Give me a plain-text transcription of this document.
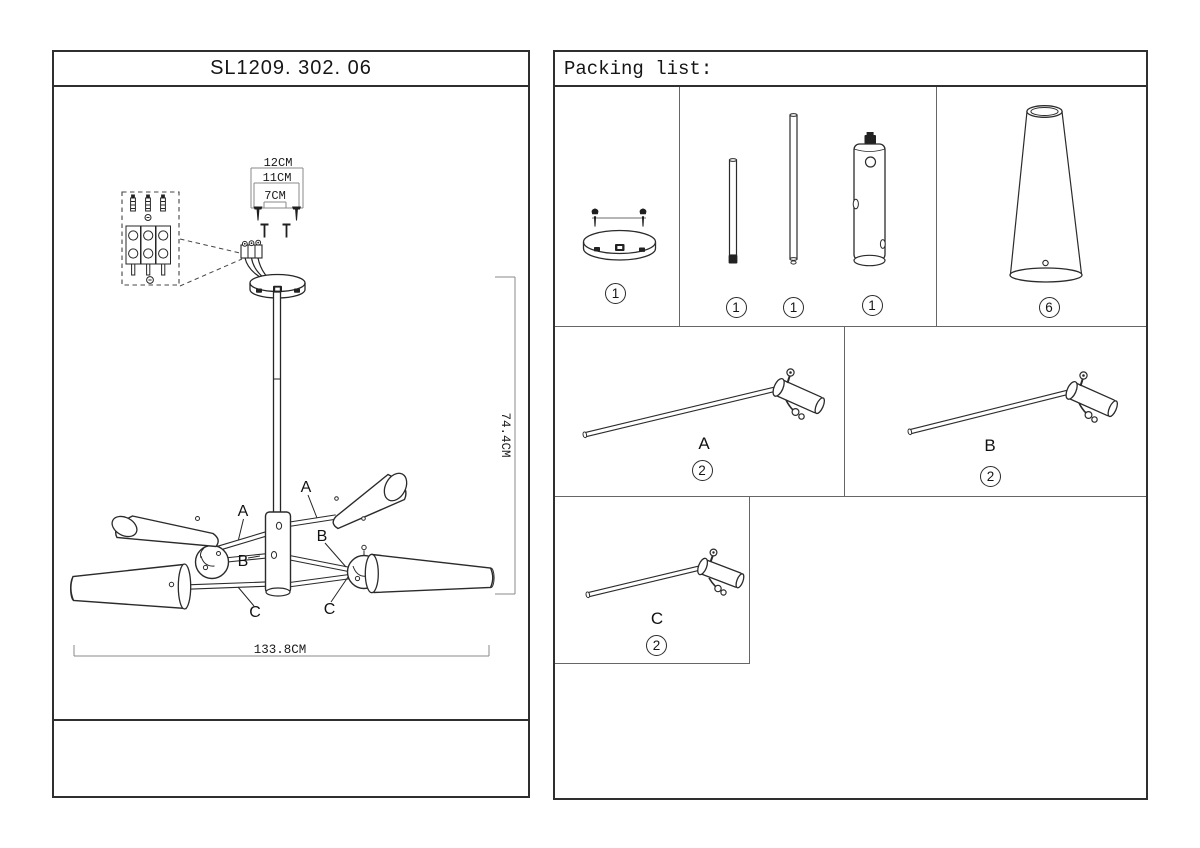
SL1209. 302. 06
A
A
B
B
C	C
12CM
11CM
7CM
133.8CM
74.4CM
Packing list:
1
1	1	1	6
A
2
B
2
C
2
